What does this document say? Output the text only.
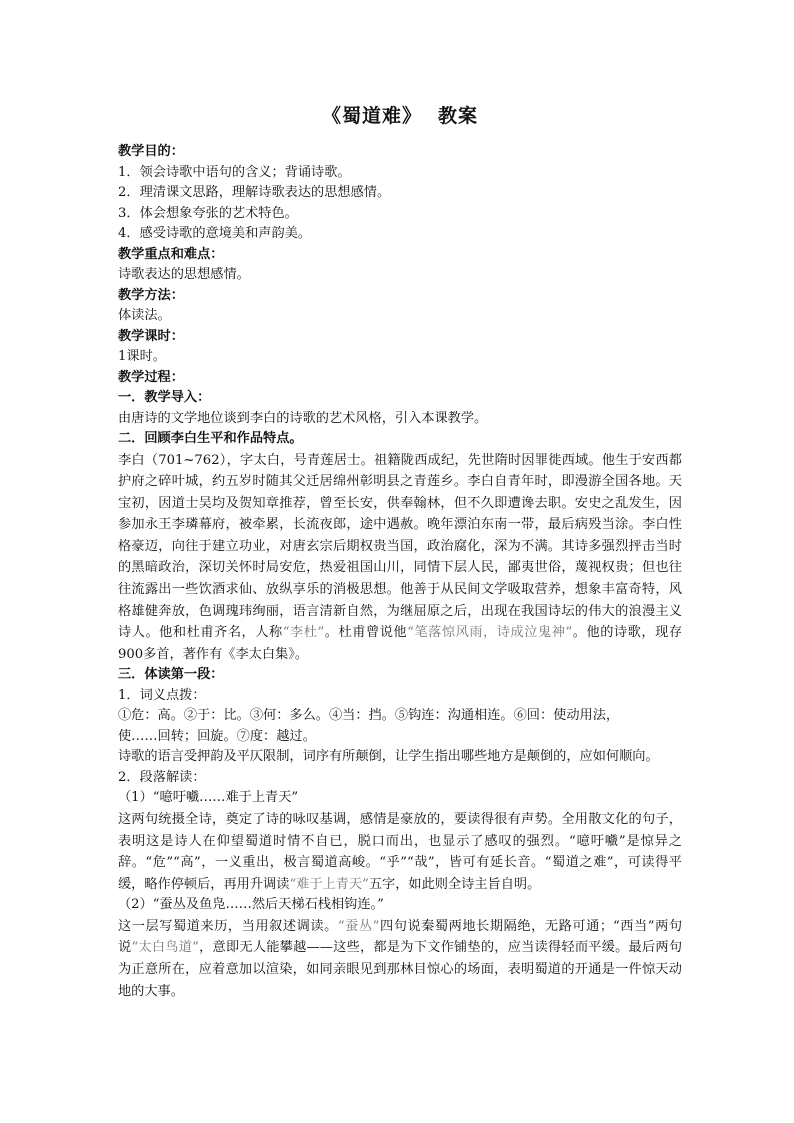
《蜀道难》 教案

教学目的：

1．领会诗歌中语句的含义；背诵诗歌。

2．理清课文思路，理解诗歌表达的思想感情。

3．体会想象夸张的艺术特色。

4．感受诗歌的意境美和声韵美。

教学重点和难点：

诗歌表达的思想感情。

教学方法：

体读法。

教学课时：

1课时。

教学过程：

一．教学导入：

由唐诗的文学地位谈到李白的诗歌的艺术风格，引入本课教学。

二．回顾李白生平和作品特点。

李白（701~762），字太白，号青莲居士。祖籍陇西成纪，先世隋时因罪徙西域。他生于安西都护府之碎叶城，约五岁时随其父迁居绵州彰明县之青莲乡。李白自青年时，即漫游全国各地。天宝初，因道士吴均及贺知章推荐，曾至长安，供奉翰林，但不久即遭谗去职。安史之乱发生，因参加永王李璘幕府，被牵累，长流夜郎，途中遇赦。晚年漂泊东南一带，最后病殁当涂。李白性格豪迈，向往于建立功业，对唐玄宗后期权贵当国，政治腐化，深为不满。其诗多强烈抨击当时的黑暗政治，深切关怀时局安危，热爱祖国山川，同情下层人民，鄙夷世俗，蔑视权贵；但也往往流露出一些饮酒求仙、放纵享乐的消极思想。他善于从民间文学吸取营养，想象丰富奇特，风格雄健奔放，色调瑰玮绚丽，语言清新自然，为继屈原之后，出现在我国诗坛的伟大的浪漫主义诗人。他和杜甫齐名，人称“李杜”。杜甫曾说他“笔落惊风雨，诗成泣鬼神”。他的诗歌，现存900多首，著作有《李太白集》。

三．体读第一段：

1．词义点拨：

①危：高。②于：比。③何：多么。④当：挡。⑤钩连：沟通相连。⑥回：使动用法，

使……回转；回旋。⑦度：越过。

诗歌的语言受押韵及平仄限制，词序有所颠倒，让学生指出哪些地方是颠倒的，应如何顺向。

2．段落解读：

（1）“噫吁嚱……难于上青天”

这两句统摄全诗，奠定了诗的咏叹基调，感情是豪放的，要读得很有声势。全用散文化的句子，表明这是诗人在仰望蜀道时情不自已，脱口而出，也显示了感叹的强烈。“噫吁嚱”是惊异之辞。“危”“高”，一义重出，极言蜀道高峻。“乎”“哉”，皆可有延长音。“蜀道之难”，可读得平缓，略作停顿后，再用升调读“难于上青天”五字，如此则全诗主旨自明。

（2）“蚕丛及鱼凫……然后天梯石栈相钩连。”

这一层写蜀道来历，当用叙述调读。“蚕丛”四句说秦蜀两地长期隔绝，无路可通；“西当”两句说“太白鸟道”，意即无人能攀越——这些，都是为下文作铺垫的，应当读得轻而平缓。最后两句为正意所在，应着意加以渲染，如同亲眼见到那林目惊心的场面，表明蜀道的开通是一件惊天动地的大事。
